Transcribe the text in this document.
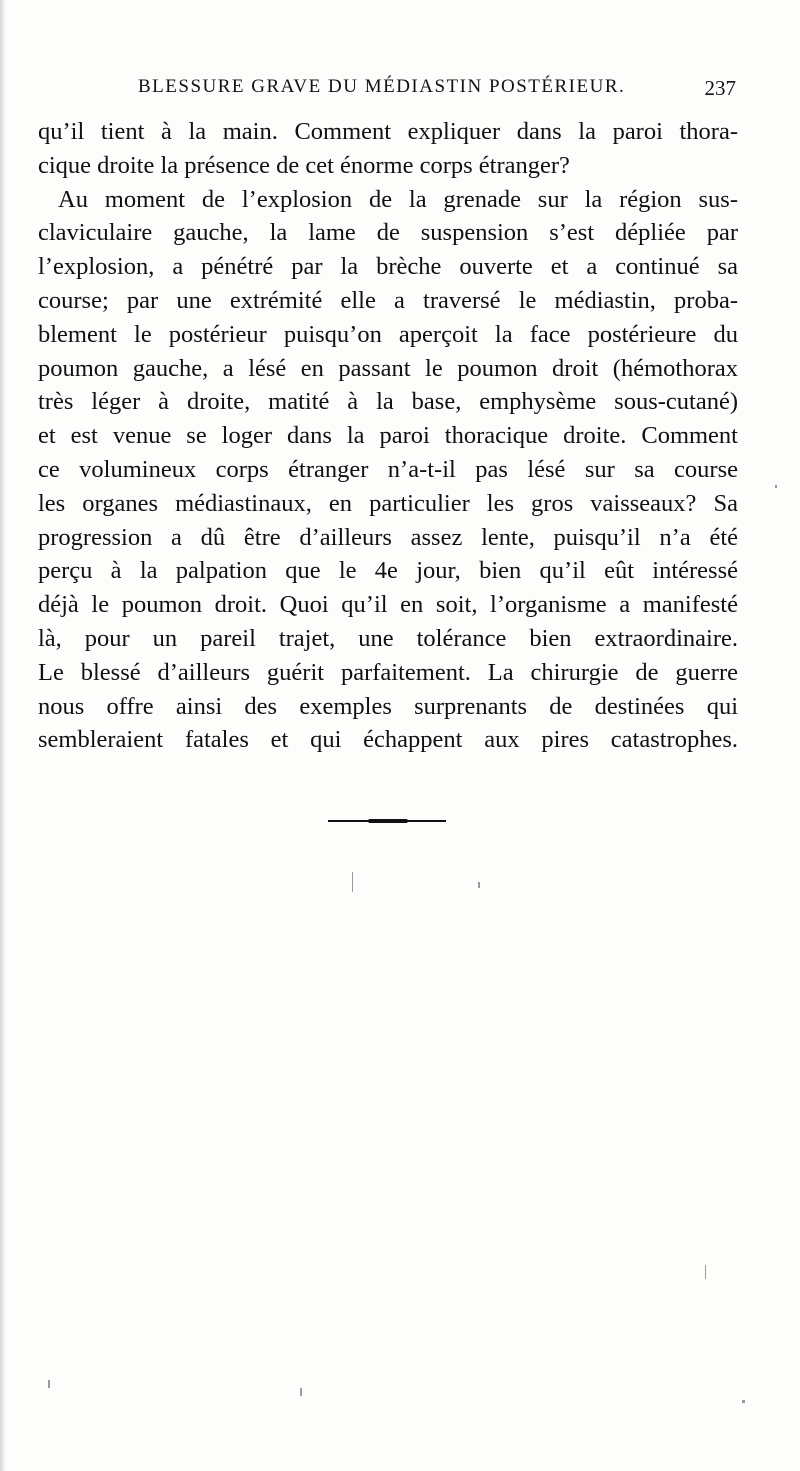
BLESSURE GRAVE DU MÉDIASTIN POSTÉRIEUR.	237
qu’il tient à la main. Comment expliquer dans la paroi thora-
cique droite la présence de cet énorme corps étranger?
Au moment de l’explosion de la grenade sur la région sus-
claviculaire gauche, la lame de suspension s’est dépliée par
l’explosion, a pénétré par la brèche ouverte et a continué sa
course; par une extrémité elle a traversé le médiastin, proba-
blement le postérieur puisqu’on aperçoit la face postérieure du
poumon gauche, a lésé en passant le poumon droit (hémothorax
très léger à droite, matité à la base, emphysème sous-cutané)
et est venue se loger dans la paroi thoracique droite. Comment
ce volumineux corps étranger n’a-t-il pas lésé sur sa course
les organes médiastinaux, en particulier les gros vaisseaux? Sa
progression a dû être d’ailleurs assez lente, puisqu’il n’a été
perçu à la palpation que le 4e jour, bien qu’il eût intéressé
déjà le poumon droit. Quoi qu’il en soit, l’organisme a manifesté
là, pour un pareil trajet, une tolérance bien extraordinaire.
Le blessé d’ailleurs guérit parfaitement. La chirurgie de guerre
nous offre ainsi des exemples surprenants de destinées qui
sembleraient fatales et qui échappent aux pires catastrophes.
